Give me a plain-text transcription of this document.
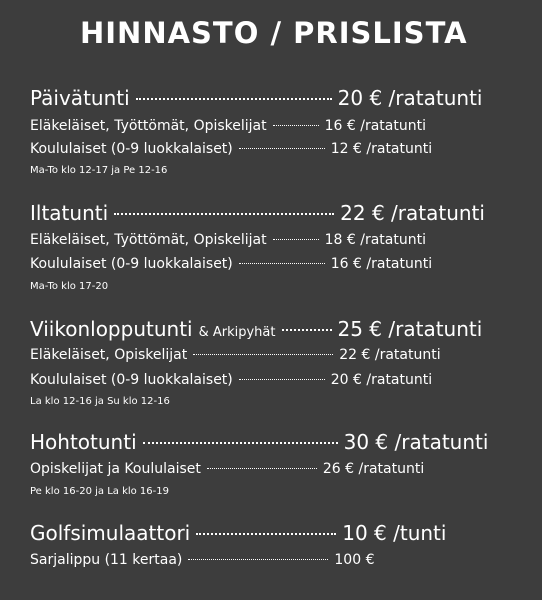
HINNASTO / PRISLISTA
Päivätunti	20 € /ratatunti
Eläkeläiset, Työttömät, Opiskelijat	16 € /ratatunti
Koululaiset (0-9 luokkalaiset)	12 € /ratatunti
Ma-To klo 12-17 ja Pe 12-16
Iltatunti	22 € /ratatunti
Eläkeläiset, Työttömät, Opiskelijat	18 € /ratatunti
Koululaiset (0-9 luokkalaiset)	16 € /ratatunti
Ma-To klo 17-20
Viikonlopputunti & Arkipyhät	25 € /ratatunti
Eläkeläiset, Opiskelijat	22 € /ratatunti
Koululaiset (0-9 luokkalaiset)	20 € /ratatunti
La klo 12-16 ja Su klo 12-16
Hohtotunti	30 € /ratatunti
Opiskelijat ja Koululaiset	26 € /ratatunti
Pe klo 16-20 ja La klo 16-19
Golfsimulaattori	10 € /tunti
Sarjalippu (11 kertaa)	100 €
